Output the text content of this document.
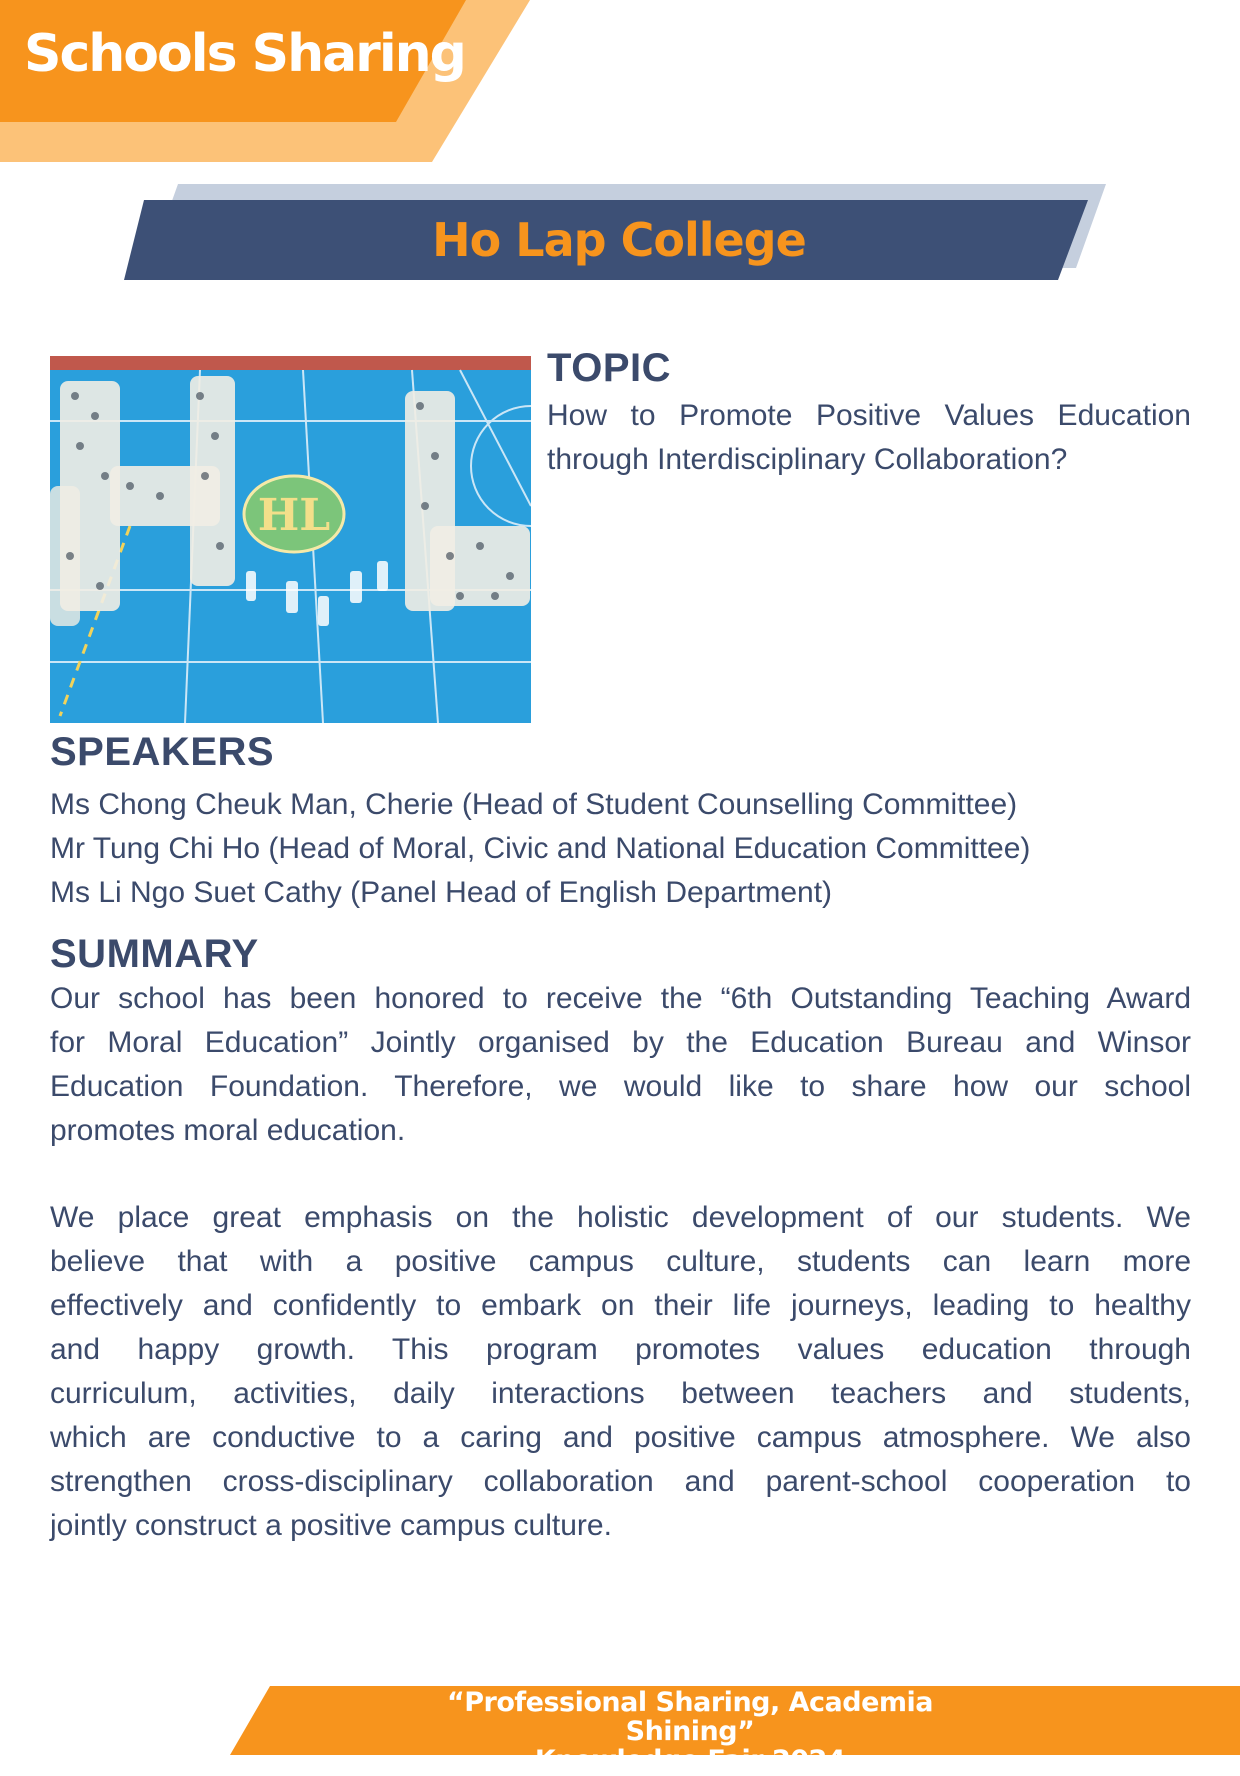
Schools Sharing
Ho Lap College
HL
TOPIC
How to Promote Positive Values Education
through Interdisciplinary Collaboration?
SPEAKERS
Ms Chong Cheuk Man, Cherie (Head of Student Counselling Committee)
Mr Tung Chi Ho (Head of Moral, Civic and National Education Committee)
Ms Li Ngo Suet Cathy (Panel Head of English Department)
SUMMARY
Our school has been honored to receive the “6th Outstanding Teaching Award
for Moral Education” Jointly organised by the Education Bureau and Winsor
Education Foundation. Therefore, we would like to share how our school
promotes moral education.
We place great emphasis on the holistic development of our students. We
believe that with a positive campus culture, students can learn more
effectively and confidently to embark on their life journeys, leading to healthy
and happy growth. This program promotes values education through
curriculum, activities, daily interactions between teachers and students,
which are conductive to a caring and positive campus atmosphere. We also
strengthen cross-disciplinary collaboration and parent-school cooperation to
jointly construct a positive campus culture.
“Professional Sharing, Academia Shining”
Knowledge Fair 2024
